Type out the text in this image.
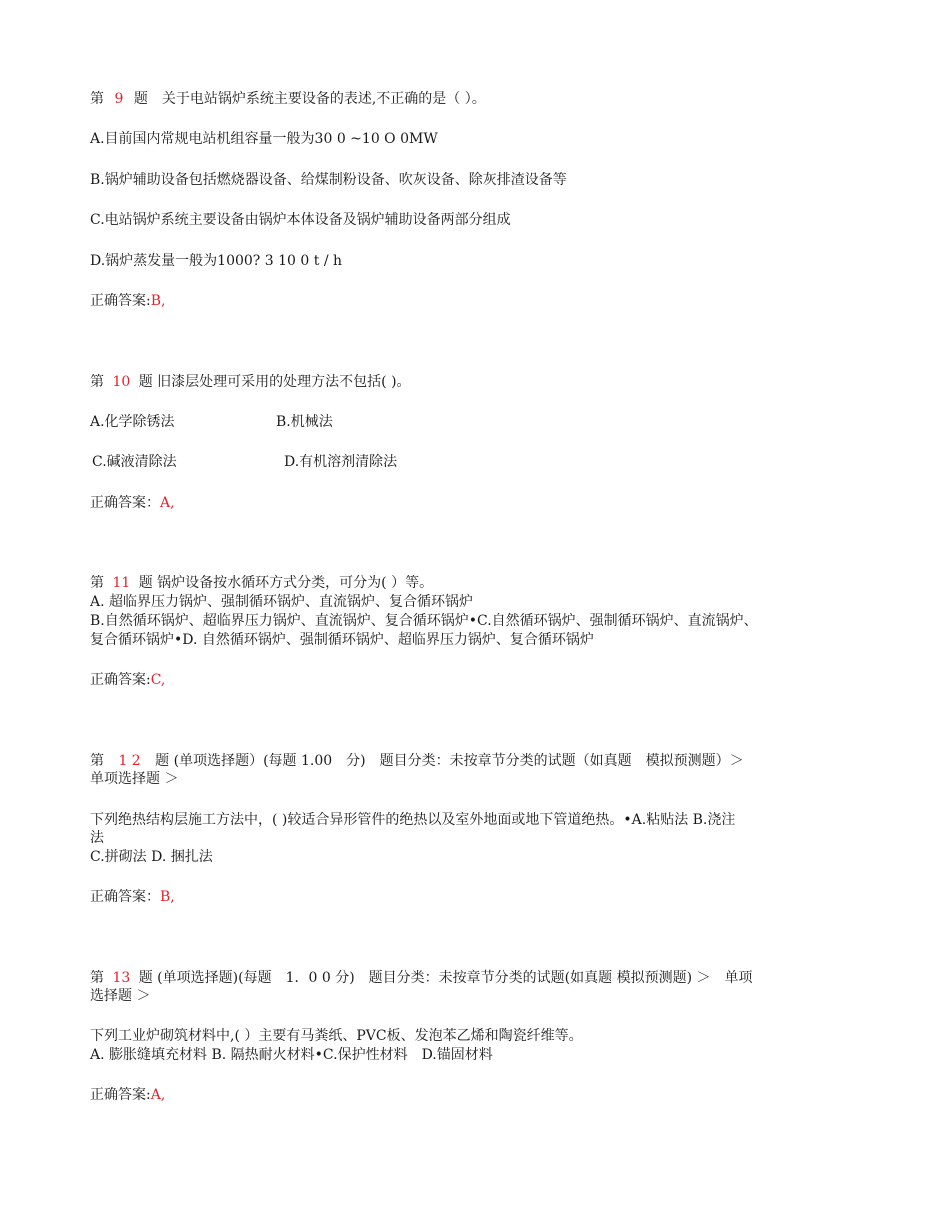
第 9 题　关于电站锅炉系统主要设备的表述,不正确的是（ ）。
A.目前国内常规电站机组容量一般为30 0 ~10 O 0MW
B.锅炉辅助设备包括燃烧器设备、给煤制粉设备、吹灰设备、除灰排渣设备等
C.电站锅炉系统主要设备由锅炉本体设备及锅炉辅助设备两部分组成
D.锅炉蒸发量一般为1000? 3 10 0 t / h
正确答案:B,
第 10 题 旧漆层处理可采用的处理方法不包括( )。
A.化学除锈法	B.机械法
C.碱液清除法	D.有机溶剂清除法
正确答案：A,
第 11 题 锅炉设备按水循环方式分类，可分为( ）等。
A. 超临界压力锅炉、强制循环锅炉、直流锅炉、复合循环锅炉
B.自然循环锅炉、超临界压力锅炉、直流锅炉、复合循环锅炉•C.自然循环锅炉、强制循环锅炉、直流锅炉、
复合循环锅炉•D. 自然循环锅炉、强制循环锅炉、超临界压力锅炉、复合循环锅炉
正确答案:C,
第 1 2 题 (单项选择题）(每题 1.00　分)　题目分类：未按章节分类的试题（如真题　模拟预测题）＞
单项选择题 ＞
下列绝热结构层施工方法中，( )较适合异形管件的绝热以及室外地面或地下管道绝热。•A.粘贴法 B.浇注
法
C.拼砌法 D. 捆扎法
正确答案：B,
第 13 题 (单项选择题)(每题　1．0 0 分)　题目分类：未按章节分类的试题(如真题 模拟预测题) ＞　单项
选择题 ＞
下列工业炉砌筑材料中,( ）主要有马粪纸、PVC板、发泡苯乙烯和陶瓷纤维等。
A. 膨胀缝填充材料 B. 隔热耐火材料•C.保护性材料　D.锚固材料
正确答案:A,
